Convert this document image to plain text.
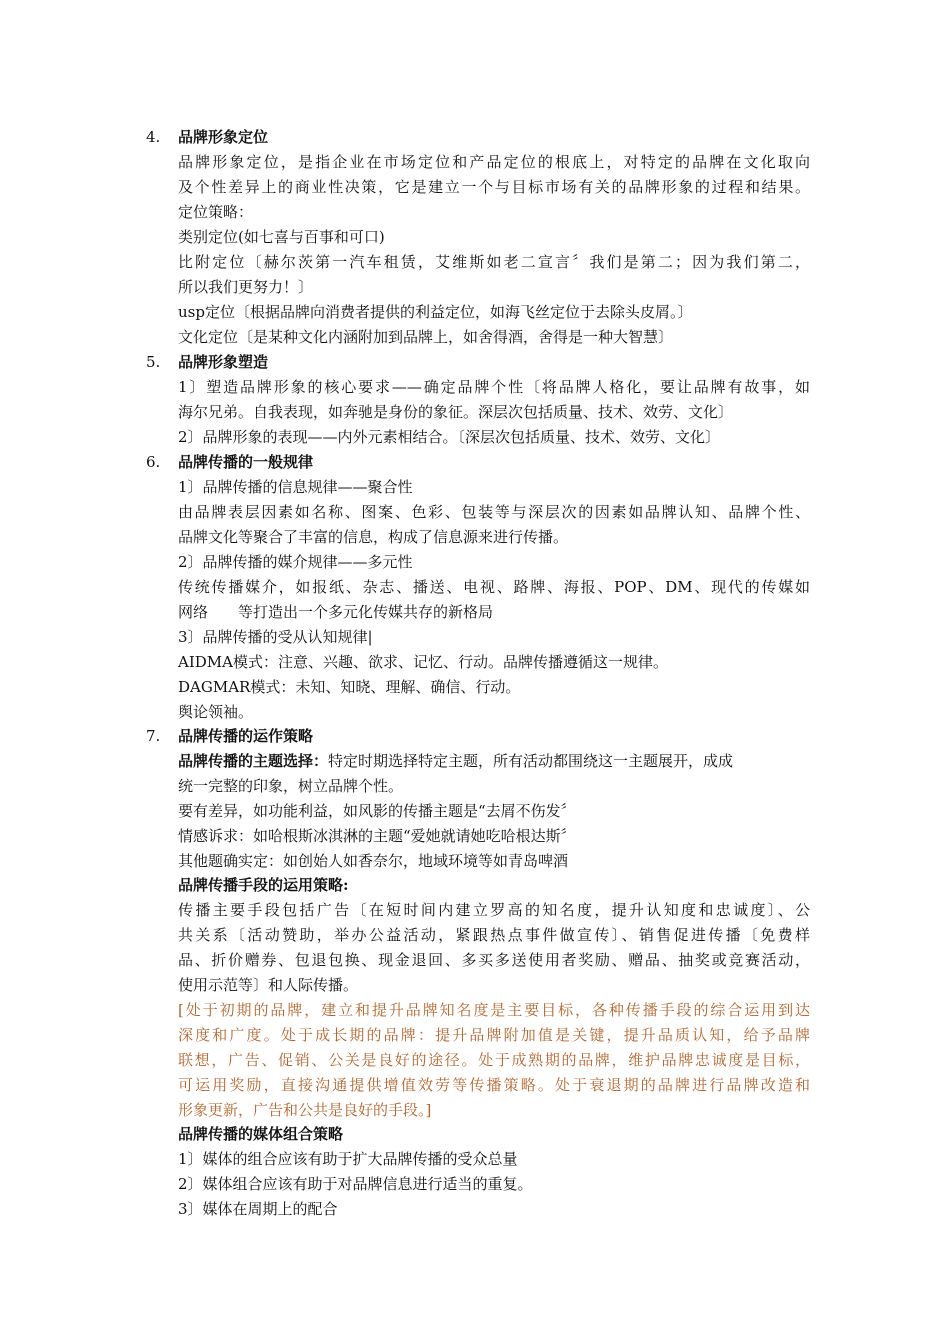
4. 品牌形象定位
品牌形象定位，是指企业在市场定位和产品定位的根底上，对特定的品牌在文化取向
及个性差异上的商业性决策，它是建立一个与目标市场有关的品牌形象的过程和结果。
定位策略：
类别定位(如七喜与百事和可口)
比附定位〔赫尔茨第一汽车租赁，艾维斯如老二宣言〞我们是第二；因为我们第二，
所以我们更努力！〕
usp定位〔根据品牌向消费者提供的利益定位，如海飞丝定位于去除头皮屑。〕
文化定位〔是某种文化内涵附加到品牌上，如舍得酒，舍得是一种大智慧〕
5. 品牌形象塑造
1〕塑造品牌形象的核心要求——确定品牌个性〔将品牌人格化，要让品牌有故事，如
海尔兄弟。自我表现，如奔驰是身份的象征。深层次包括质量、技术、效劳、文化〕
2〕品牌形象的表现——内外元素相结合。〔深层次包括质量、技术、效劳、文化〕
6. 品牌传播的一般规律
1〕品牌传播的信息规律——聚合性
由品牌表层因素如名称、图案、色彩、包装等与深层次的因素如品牌认知、品牌个性、
品牌文化等聚合了丰富的信息，构成了信息源来进行传播。
2〕品牌传播的媒介规律——多元性
传统传播媒介，如报纸、杂志、播送、电视、路牌、海报、POP、DM、现代的传媒如
网络　　等打造出一个多元化传媒共存的新格局
3〕品牌传播的受从认知规律|
AIDMA模式：注意、兴趣、欲求、记忆、行动。品牌传播遵循这一规律。
DAGMAR模式：未知、知晓、理解、确信、行动。
舆论领袖。
7. 品牌传播的运作策略
品牌传播的主题选择：特定时期选择特定主题，所有活动都围绕这一主题展开，成成
统一完整的印象，树立品牌个性。
要有差异，如功能利益，如风影的传播主题是“去屑不伤发〞
情感诉求：如哈根斯冰淇淋的主题“爱她就请她吃哈根达斯〞
其他题确实定：如创始人如香奈尔，地域环境等如青岛啤酒
品牌传播手段的运用策略:
传播主要手段包括广告〔在短时间内建立罗高的知名度，提升认知度和忠诚度〕、公
共关系〔活动赞助，举办公益活动，紧跟热点事件做宣传〕、销售促进传播〔免费样
品、折价赠券、包退包换、现金退回、多买多送使用者奖励、赠品、抽奖或竞赛活动，
使用示范等〕和人际传播。
[处于初期的品牌，建立和提升品牌知名度是主要目标，各种传播手段的综合运用到达
深度和广度。处于成长期的品牌：提升品牌附加值是关键，提升品质认知，给予品牌
联想，广告、促销、公关是良好的途径。处于成熟期的品牌，维护品牌忠诚度是目标，
可运用奖励，直接沟通提供增值效劳等传播策略。处于衰退期的品牌进行品牌改造和
形象更新，广告和公共是良好的手段。]
品牌传播的媒体组合策略
1〕媒体的组合应该有助于扩大品牌传播的受众总量
2〕媒体组合应该有助于对品牌信息进行适当的重复。
3〕媒体在周期上的配合
